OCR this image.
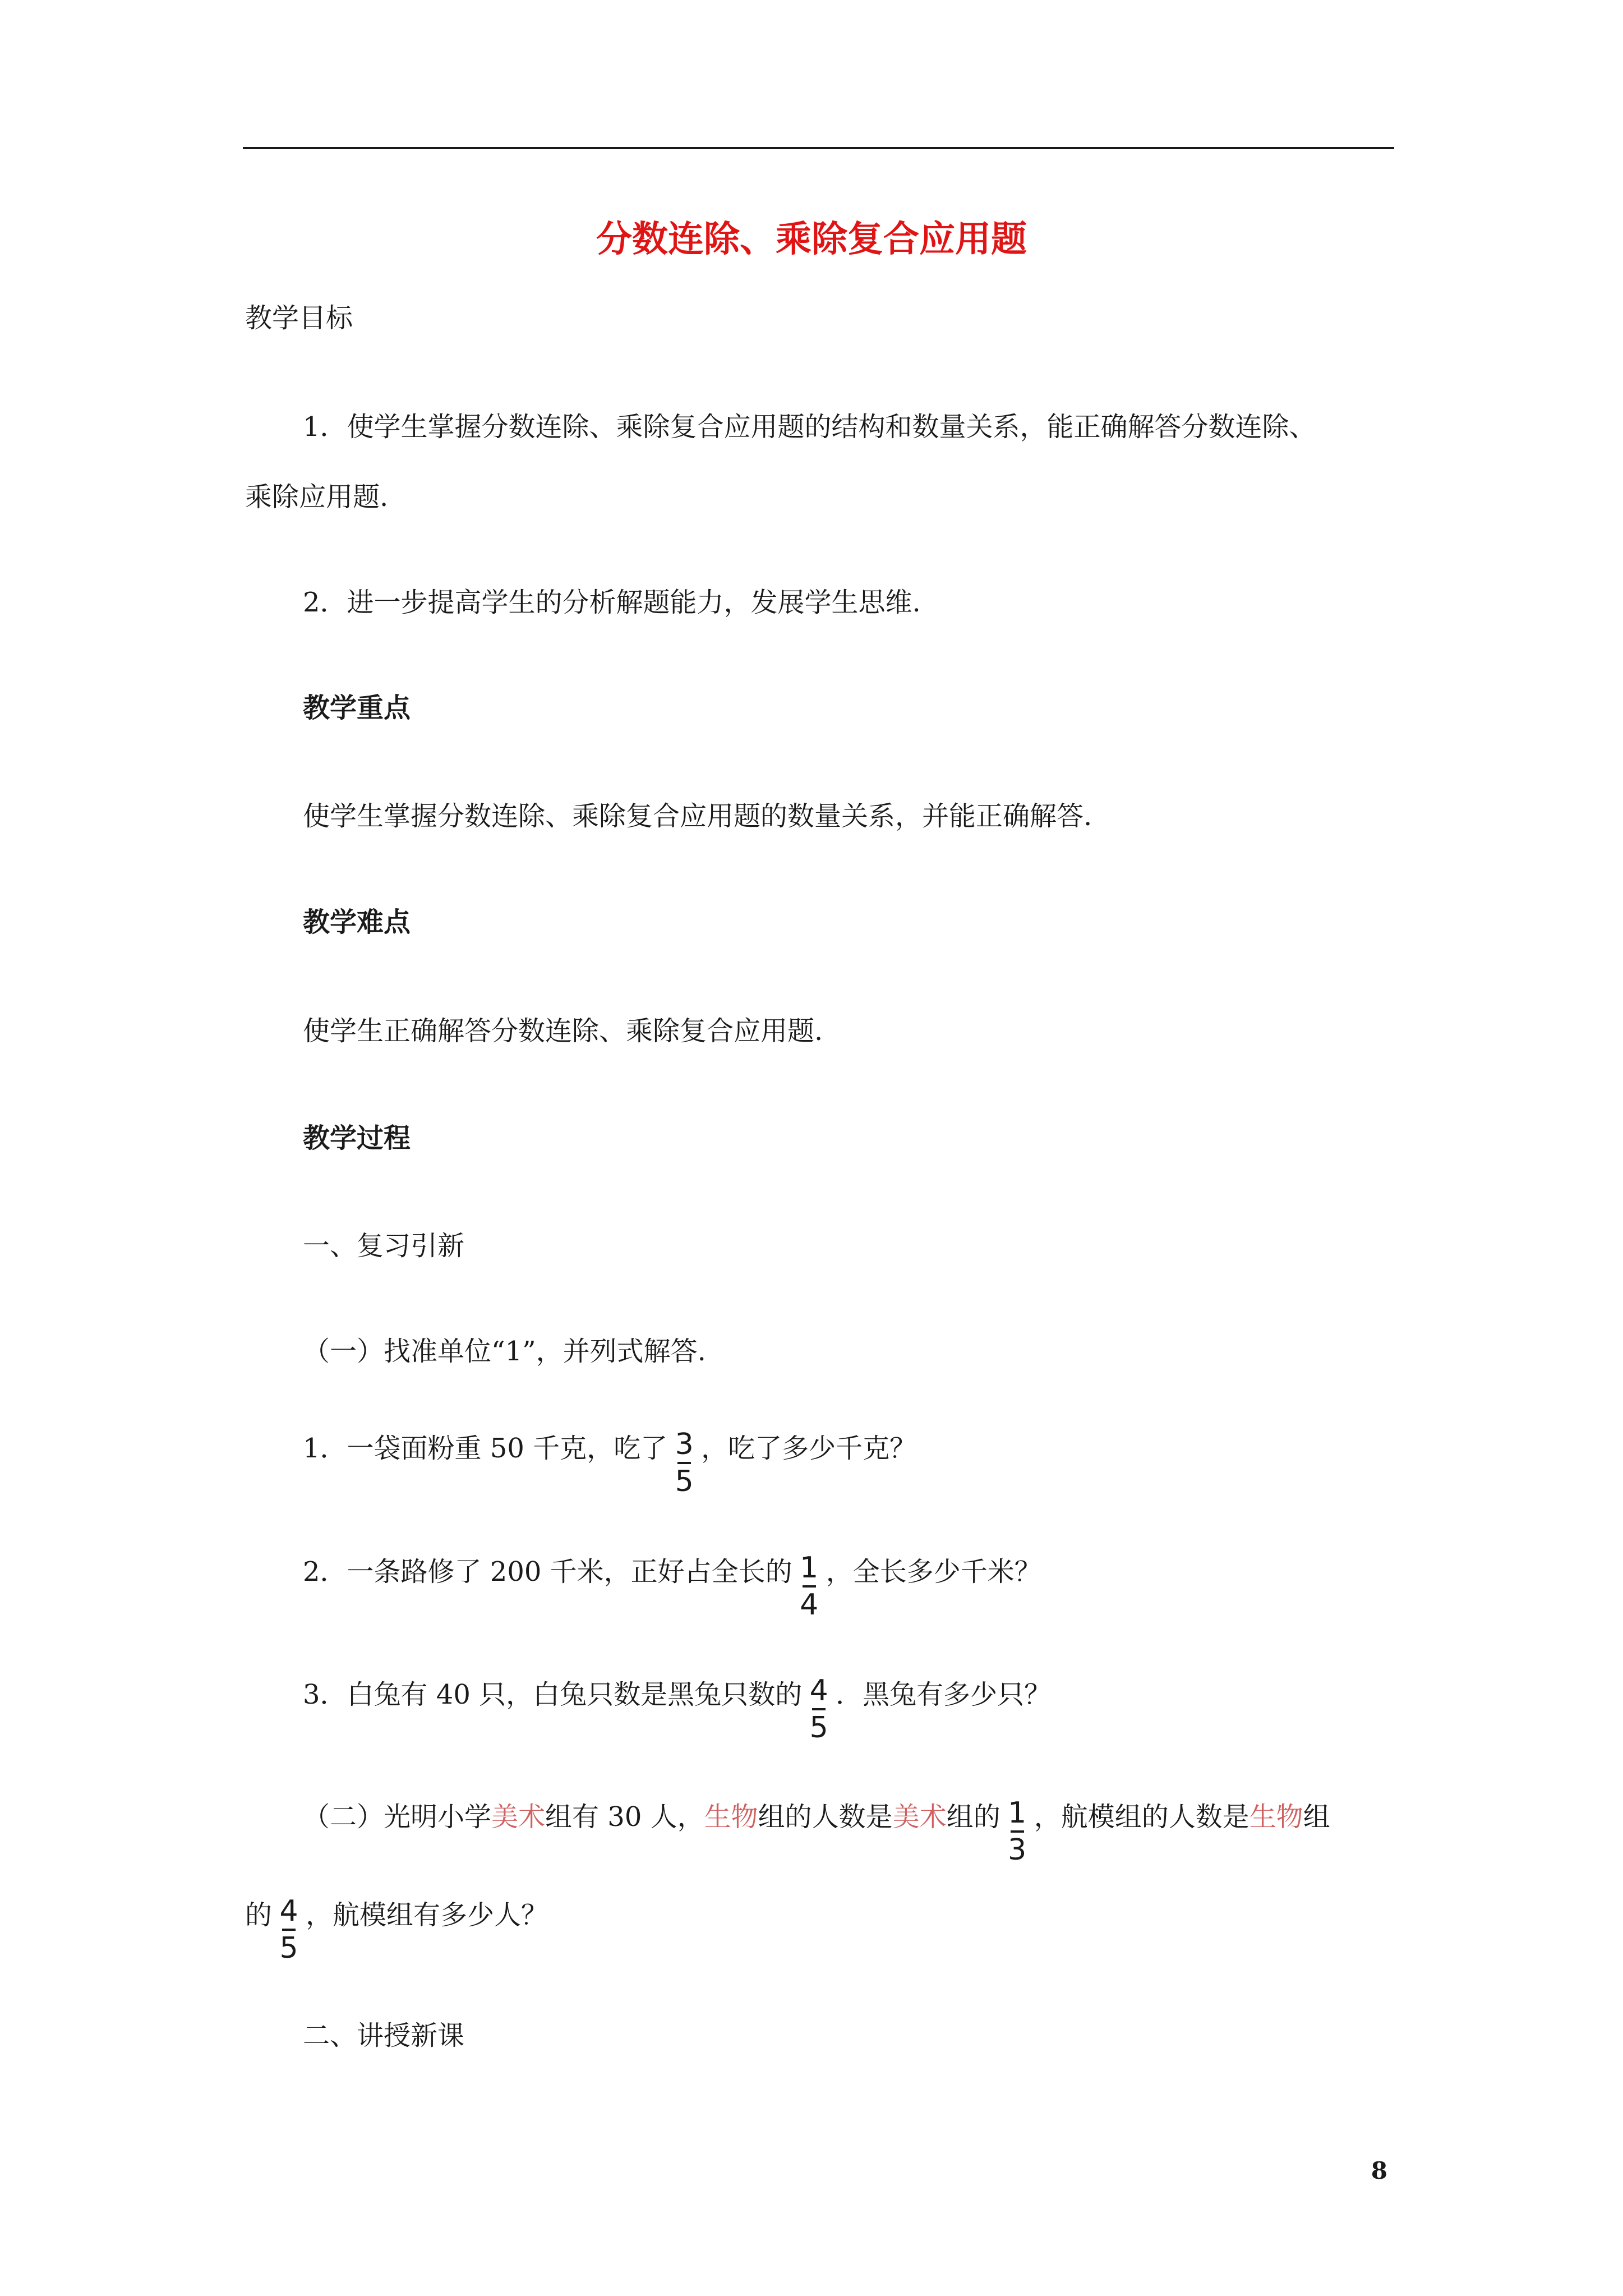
分数连除、乘除复合应用题
教学目标
1．使学生掌握分数连除、乘除复合应用题的结构和数量关系，能正确解答分数连除、
乘除应用题.
2．进一步提高学生的分析解题能力，发展学生思维.
教学重点
使学生掌握分数连除、乘除复合应用题的数量关系，并能正确解答.
教学难点
使学生正确解答分数连除、乘除复合应用题.
教学过程
一、复习引新
（一）找准单位“1”，并列式解答.
1．一袋面粉重 50 千克，吃了 $\frac{3}{5}$ ，吃了多少千克？
2．一条路修了 200 千米，正好占全长的 $\frac{1}{4}$ ，全长多少千米？
3．白兔有 40 只，白兔只数是黑兔只数的 $\frac{4}{5}$ ．黑兔有多少只？
（二）光明小学美术组有 30 人，生物组的人数是美术组的 $\frac{1}{3}$ ，航模组的人数是生物组
的 $\frac{4}{5}$ ，航模组有多少人？
二、讲授新课
8
